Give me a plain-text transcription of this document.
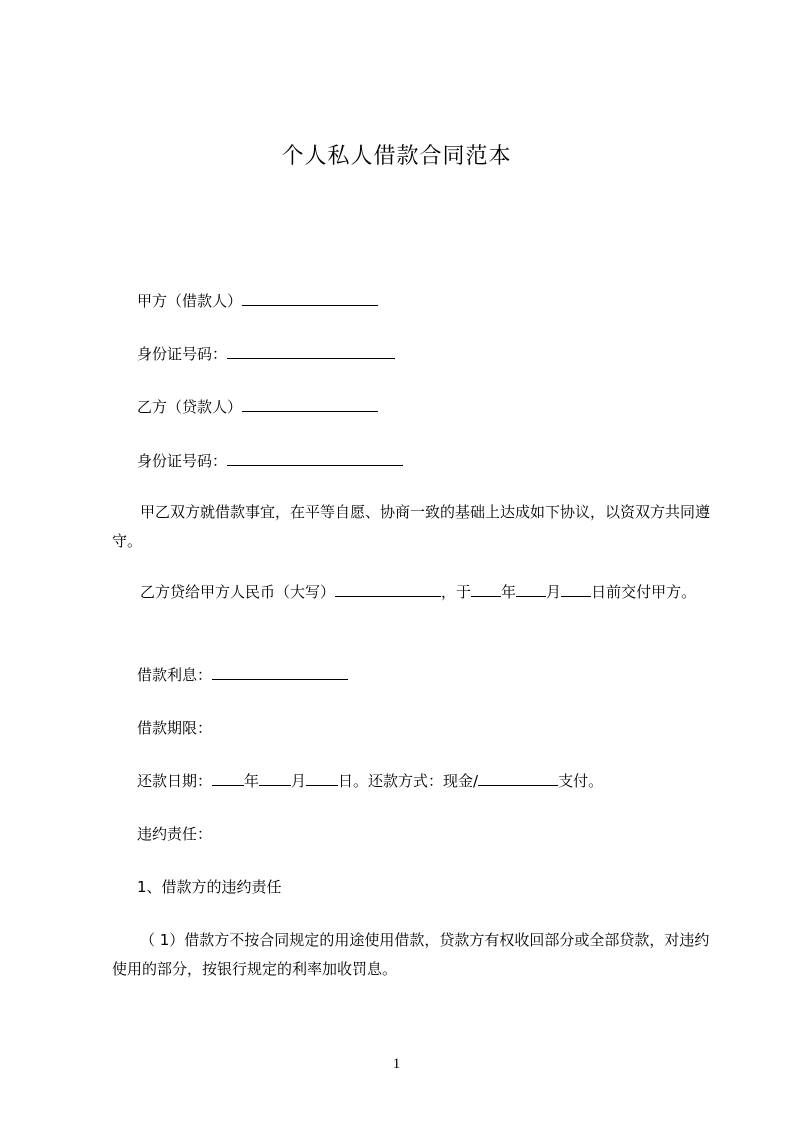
个人私人借款合同范本
甲方（借款人）
身份证号码：
乙方（贷款人）
身份证号码：
甲乙双方就借款事宜，在平等自愿、协商一致的基础上达成如下协议，以资双方共同遵守。
乙方贷给甲方人民币（大写）	，于 年 月 日前交付甲方。
借款利息：
借款期限：
还款日期： 年 月 日。还款方式：现金/	支付。
违约责任：
1、借款方的违约责任
（ 1）借款方不按合同规定的用途使用借款，贷款方有权收回部分或全部贷款，对违约使用的部分，按银行规定的利率加收罚息。
1
